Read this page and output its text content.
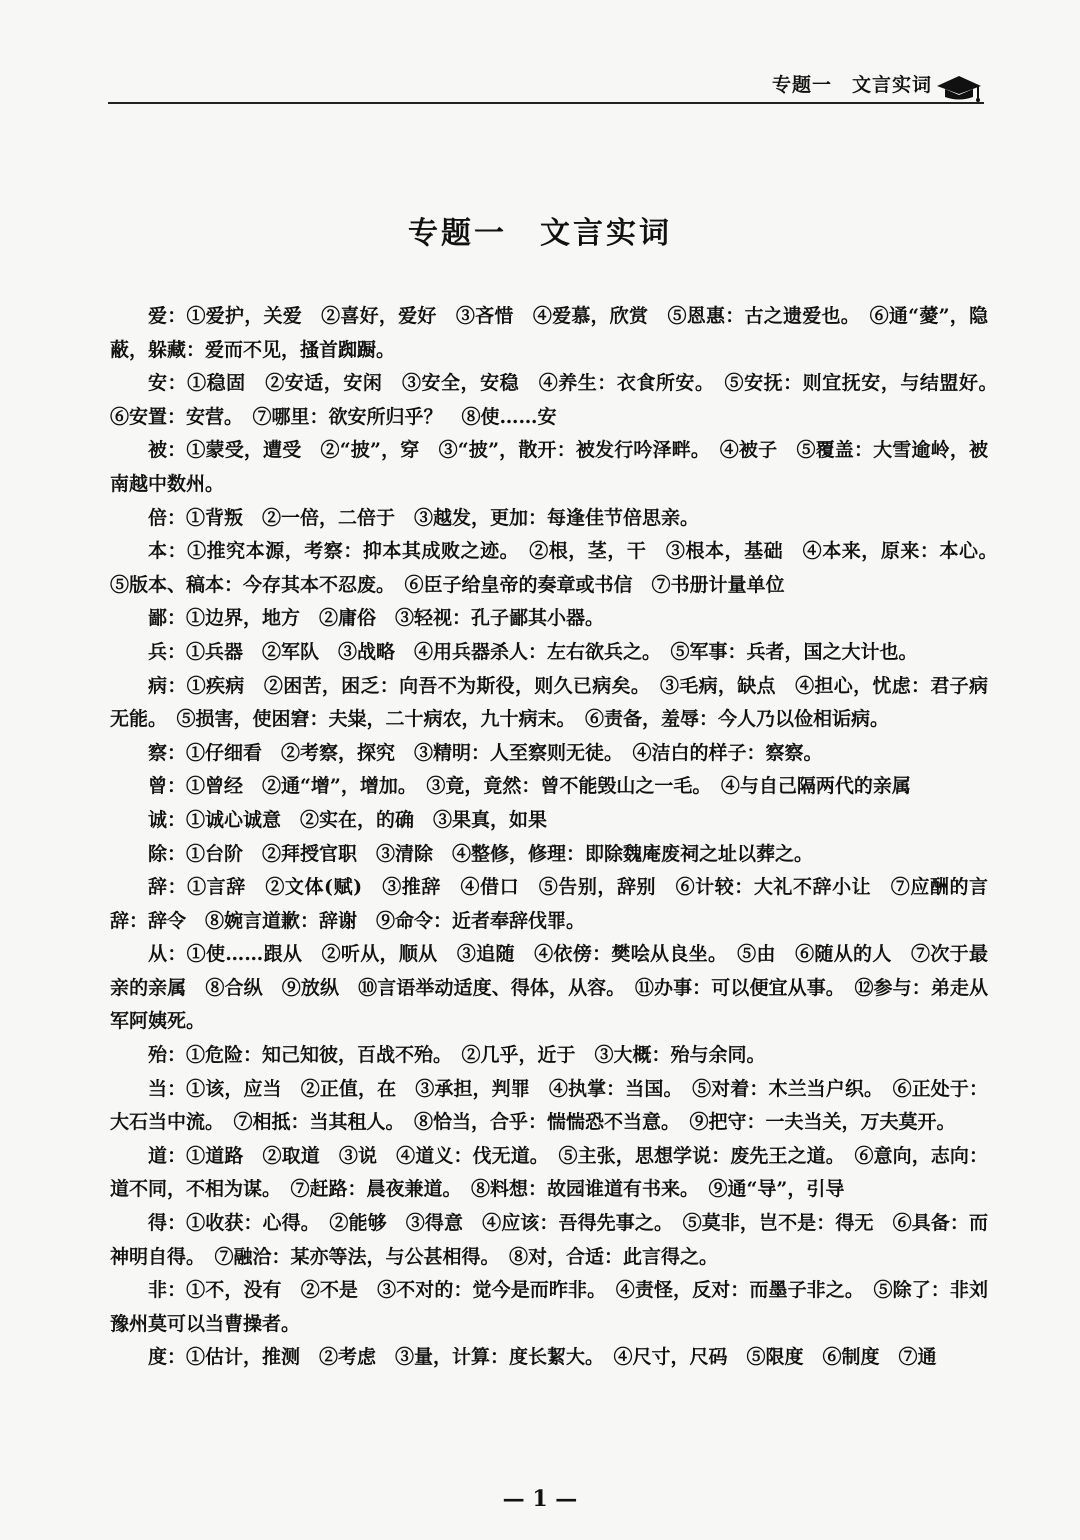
专题一　文言实词
专题一　文言实词

爱：①爱护，关爱　②喜好，爱好　③吝惜　④爱慕，欣赏　⑤恩惠：古之遗爱也。　⑥通“薆”，隐蔽，躲藏：爱而不见，搔首踟蹰。

安：①稳固　②安适，安闲　③安全，安稳　④养生：衣食所安。　⑤安抚：则宜抚安，与结盟好。　⑥安置：安营。　⑦哪里：欲安所归乎？　⑧使……安

被：①蒙受，遭受　②“披”，穿　③“披”，散开：被发行吟泽畔。　④被子　⑤覆盖：大雪逾岭，被南越中数州。

倍：①背叛　②一倍，二倍于　③越发，更加：每逢佳节倍思亲。

本：①推究本源，考察：抑本其成败之迹。　②根，茎，干　③根本，基础　④本来，原来：本心。　⑤版本、稿本：今存其本不忍废。　⑥臣子给皇帝的奏章或书信　⑦书册计量单位

鄙：①边界，地方　②庸俗　③轻视：孔子鄙其小器。

兵：①兵器　②军队　③战略　④用兵器杀人：左右欲兵之。　⑤军事：兵者，国之大计也。

病：①疾病　②困苦，困乏：向吾不为斯役，则久已病矣。　③毛病，缺点　④担心，忧虑：君子病无能。　⑤损害，使困窘：夫粜，二十病农，九十病末。　⑥责备，羞辱：今人乃以俭相诟病。

察：①仔细看　②考察，探究　③精明：人至察则无徒。　④洁白的样子：察察。

曾：①曾经　②通“增”，增加。　③竟，竟然：曾不能毁山之一毛。　④与自己隔两代的亲属

诚：①诚心诚意　②实在，的确　③果真，如果

除：①台阶　②拜授官职　③清除　④整修，修理：即除魏庵废祠之址以葬之。

辞：①言辞　②文体(赋)　③推辞　④借口　⑤告别，辞别　⑥计较：大礼不辞小让　⑦应酬的言辞：辞令　⑧婉言道歉：辞谢　⑨命令：近者奉辞伐罪。

从：①使……跟从　②听从，顺从　③追随　④依傍：樊哙从良坐。　⑤由　⑥随从的人　⑦次于最亲的亲属　⑧合纵　⑨放纵　⑩言语举动适度、得体，从容。　⑪办事：可以便宜从事。　⑫参与：弟走从军阿姨死。

殆：①危险：知己知彼，百战不殆。　②几乎，近于　③大概：殆与余同。

当：①该，应当　②正值，在　③承担，判罪　④执掌：当国。　⑤对着：木兰当户织。　⑥正处于：大石当中流。　⑦相抵：当其租人。　⑧恰当，合乎：惴惴恐不当意。　⑨把守：一夫当关，万夫莫开。

道：①道路　②取道　③说　④道义：伐无道。　⑤主张，思想学说：废先王之道。　⑥意向，志向：道不同，不相为谋。　⑦赶路：晨夜兼道。　⑧料想：故园谁道有书来。　⑨通“导”，引导

得：①收获：心得。　②能够　③得意　④应该：吾得先事之。　⑤莫非，岂不是：得无　⑥具备：而神明自得。　⑦融洽：某亦等法，与公甚相得。　⑧对，合适：此言得之。

非：①不，没有　②不是　③不对的：觉今是而昨非。　④责怪，反对：而墨子非之。　⑤除了：非刘豫州莫可以当曹操者。

度：①估计，推测　②考虑　③量，计算：度长絜大。　④尺寸，尺码　⑤限度　⑥制度　⑦通

— 1 —
